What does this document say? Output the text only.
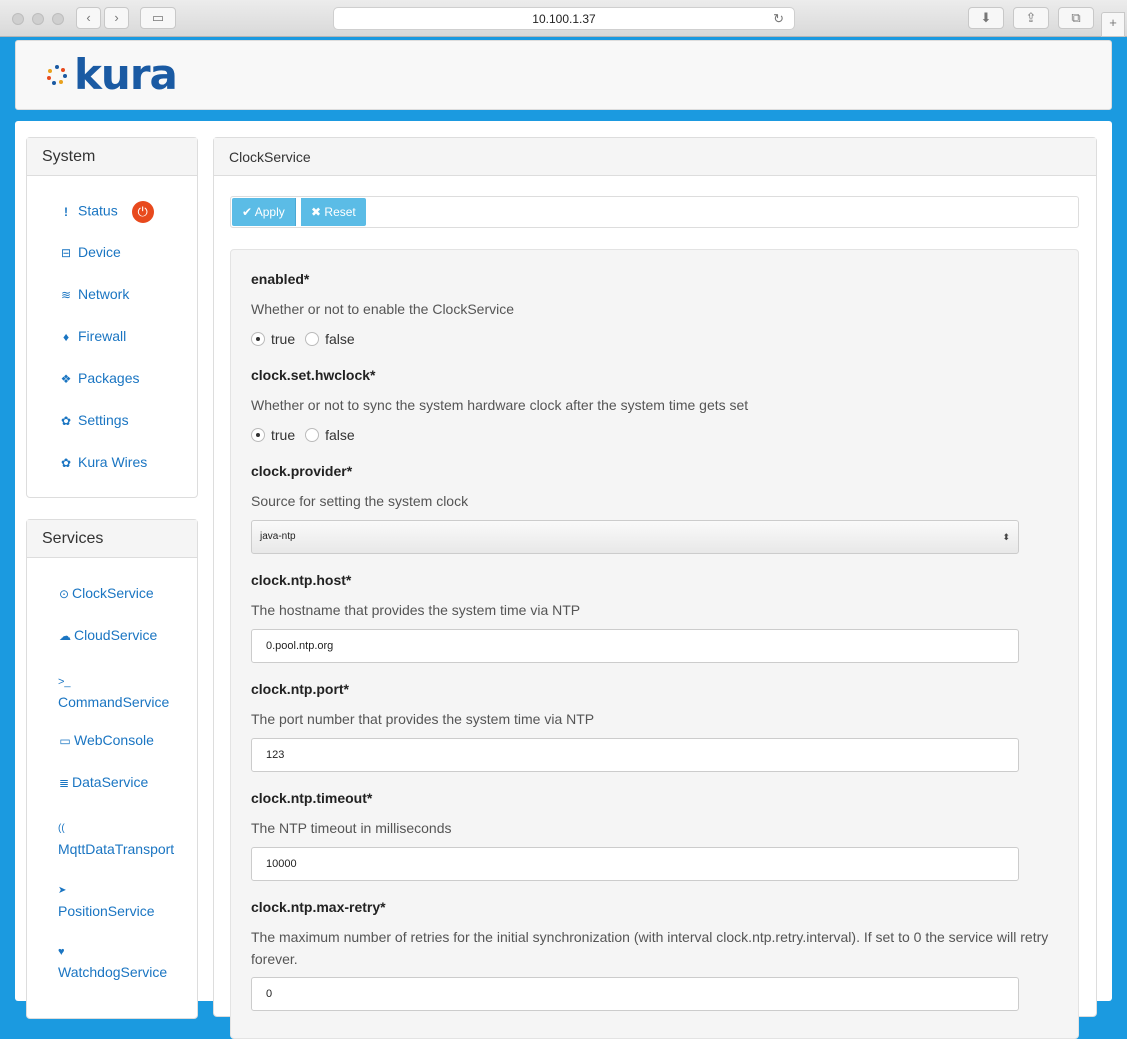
‹	›	▭	10.100.1.37	↻	⬇	⇪	⧉	+
kura
System
! Status ⏻
⊟ Device
≋ Network
♦ Firewall
❖ Packages
✿ Settings
✿ Kura Wires
Services
⊙ ClockService
☁ CloudService
>_
CommandService
▭ WebConsole
≣ DataService
((
MqttDataTransport
➤
PositionService
♥
WatchdogService
ClockService
✔ Apply	✖ Reset
enabled*
Whether or not to enable the ClockService
true false
clock.set.hwclock*
Whether or not to sync the system hardware clock after the system time gets set
true false
clock.provider*
Source for setting the system clock
java-ntp	⬍
clock.ntp.host*
The hostname that provides the system time via NTP
0.pool.ntp.org
clock.ntp.port*
The port number that provides the system time via NTP
123
clock.ntp.timeout*
The NTP timeout in milliseconds
10000
clock.ntp.max-retry*
The maximum number of retries for the initial synchronization (with interval clock.ntp.retry.interval). If set to 0 the service will retry forever.
0
